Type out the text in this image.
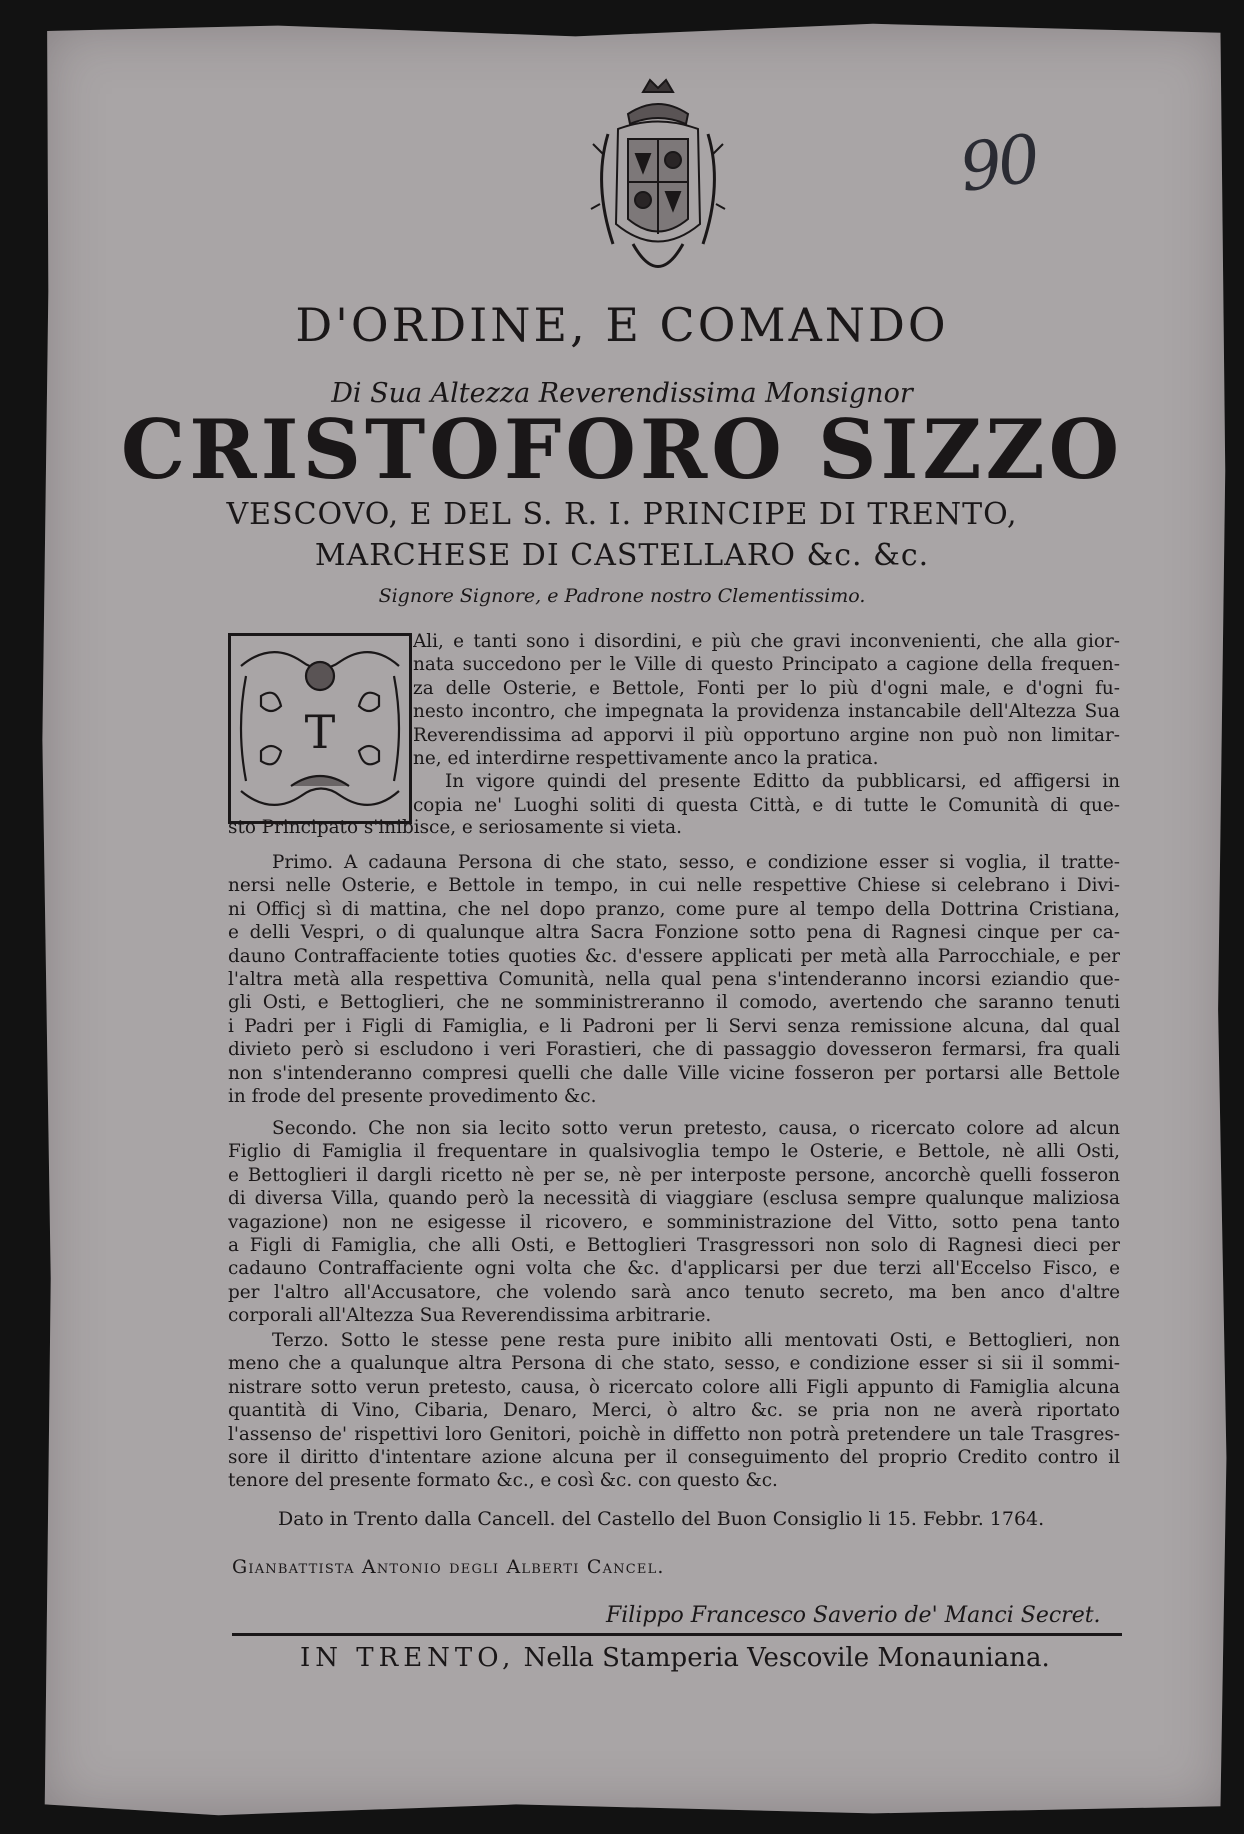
90
D'ORDINE, E COMANDO
Di Sua Altezza Reverendissima Monsignor
CRISTOFORO SIZZO
VESCOVO, E DEL S. R. I. PRINCIPE DI TRENTO,
MARCHESE DI CASTELLARO &c. &c.
Signore Signore, e Padrone nostro Clementissimo.
T
Ali, e tanti sono i disordini, e più che gravi inconvenienti, che alla gior-
nata succedono per le Ville di questo Principato a cagione della frequen-
za delle Osterie, e Bettole, Fonti per lo più d'ogni male, e d'ogni fu-
nesto incontro, che impegnata la providenza instancabile dell'Altezza Sua
Reverendissima ad apporvi il più opportuno argine non può non limitar-
ne, ed interdirne respettivamente anco la pratica.
In vigore quindi del presente Editto da pubblicarsi, ed affigersi in
copia ne' Luoghi soliti di questa Città, e di tutte le Comunità di que-
sto Principato s'inibisce, e seriosamente si vieta.
Primo. A cadauna Persona di che stato, sesso, e condizione esser si voglia, il tratte-
nersi nelle Osterie, e Bettole in tempo, in cui nelle respettive Chiese si celebrano i Divi-
ni Officj sì di mattina, che nel dopo pranzo, come pure al tempo della Dottrina Cristiana,
e delli Vespri, o di qualunque altra Sacra Fonzione sotto pena di Ragnesi cinque per ca-
dauno Contraffaciente toties quoties &c. d'essere applicati per metà alla Parrocchiale, e per
l'altra metà alla respettiva Comunità, nella qual pena s'intenderanno incorsi eziandio que-
gli Osti, e Bettoglieri, che ne somministreranno il comodo, avertendo che saranno tenuti
i Padri per i Figli di Famiglia, e li Padroni per li Servi senza remissione alcuna, dal qual
divieto però si escludono i veri Forastieri, che di passaggio dovesseron fermarsi, fra quali
non s'intenderanno compresi quelli che dalle Ville vicine fosseron per portarsi alle Bettole
in frode del presente provedimento &c.
Secondo. Che non sia lecito sotto verun pretesto, causa, o ricercato colore ad alcun
Figlio di Famiglia il frequentare in qualsivoglia tempo le Osterie, e Bettole, nè alli Osti,
e Bettoglieri il dargli ricetto nè per se, nè per interposte persone, ancorchè quelli fosseron
di diversa Villa, quando però la necessità di viaggiare (esclusa sempre qualunque maliziosa
vagazione) non ne esigesse il ricovero, e somministrazione del Vitto, sotto pena tanto
a Figli di Famiglia, che alli Osti, e Bettoglieri Trasgressori non solo di Ragnesi dieci per
cadauno Contraffaciente ogni volta che &c. d'applicarsi per due terzi all'Eccelso Fisco, e
per l'altro all'Accusatore, che volendo sarà anco tenuto secreto, ma ben anco d'altre
corporali all'Altezza Sua Reverendissima arbitrarie.
Terzo. Sotto le stesse pene resta pure inibito alli mentovati Osti, e Bettoglieri, non
meno che a qualunque altra Persona di che stato, sesso, e condizione esser si sii il sommi-
nistrare sotto verun pretesto, causa, ò ricercato colore alli Figli appunto di Famiglia alcuna
quantità di Vino, Cibaria, Denaro, Merci, ò altro &c. se pria non ne averà riportato
l'assenso de' rispettivi loro Genitori, poichè in diffetto non potrà pretendere un tale Trasgres-
sore il diritto d'intentare azione alcuna per il conseguimento del proprio Credito contro il
tenore del presente formato &c., e così &c. con questo &c.
Dato in Trento dalla Cancell. del Castello del Buon Consiglio li 15. Febbr. 1764.
Gianbattista Antonio degli Alberti Cancel.
Filippo Francesco Saverio de' Manci Secret.
IN TRENTO, Nella Stamperia Vescovile Monauniana.
